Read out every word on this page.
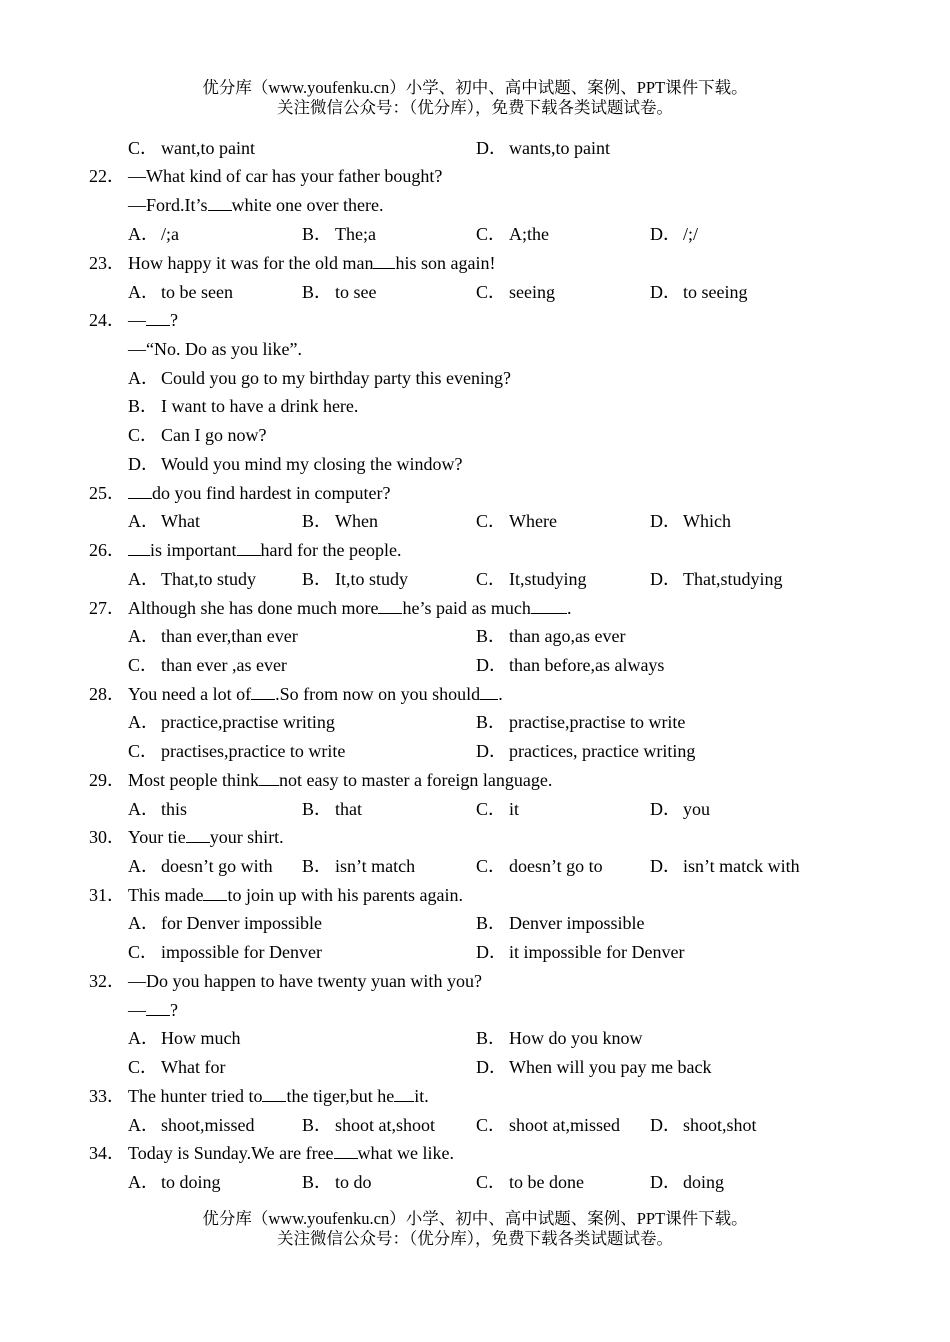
优分库（www.youfenku.cn）小学、初中、高中试题、案例、PPT课件下载。
关注微信公众号：（优分库），免费下载各类试题试卷。
C． want,to paint	D． wants,to paint
22． —What kind of car has your father bought?
—Ford.It’s white one over there.
A． /;a	B． The;a	C． A;the	D． /;/
23． How happy it was for the old man his son again!
A． to be seen	B． to see	C． seeing	D． to seeing
24． — ?
—“No. Do as you like”.
A． Could you go to my birthday party this evening?
B． I want to have a drink here.
C． Can I go now?
D． Would you mind my closing the window?
25．	do you find hardest in computer?
A． What	B． When	C． Where	D． Which
26．	is important hard for the people.
A． That,to study	B． It,to study	C． It,studying	D． That,studying
27． Although she has done much more he’s paid as much .
A． than ever,than ever	B． than ago,as ever
C． than ever ,as ever	D． than before,as always
28． You need a lot of .So from now on you should .
A． practice,practise writing	B． practise,practise to write
C． practises,practice to write	D． practices, practice writing
29． Most people think not easy to master a foreign language.
A． this	B． that	C． it	D． you
30． Your tie your shirt.
A． doesn’t go with B． isn’t match	C． doesn’t go to	D． isn’t matck with
31． This made to join up with his parents again.
A． for Denver impossible	B． Denver impossible
C． impossible for Denver	D． it impossible for Denver
32． —Do you happen to have twenty yuan with you?
— ?
A． How much	B． How do you know
C． What for	D． When will you pay me back
33． The hunter tried to the tiger,but he it.
A． shoot,missed	B． shoot at,shoot C． shoot at,missed D． shoot,shot
34． Today is Sunday.We are free what we like.
A． to doing	B． to do	C． to be done	D． doing
优分库（www.youfenku.cn）小学、初中、高中试题、案例、PPT课件下载。
关注微信公众号：（优分库），免费下载各类试题试卷。
